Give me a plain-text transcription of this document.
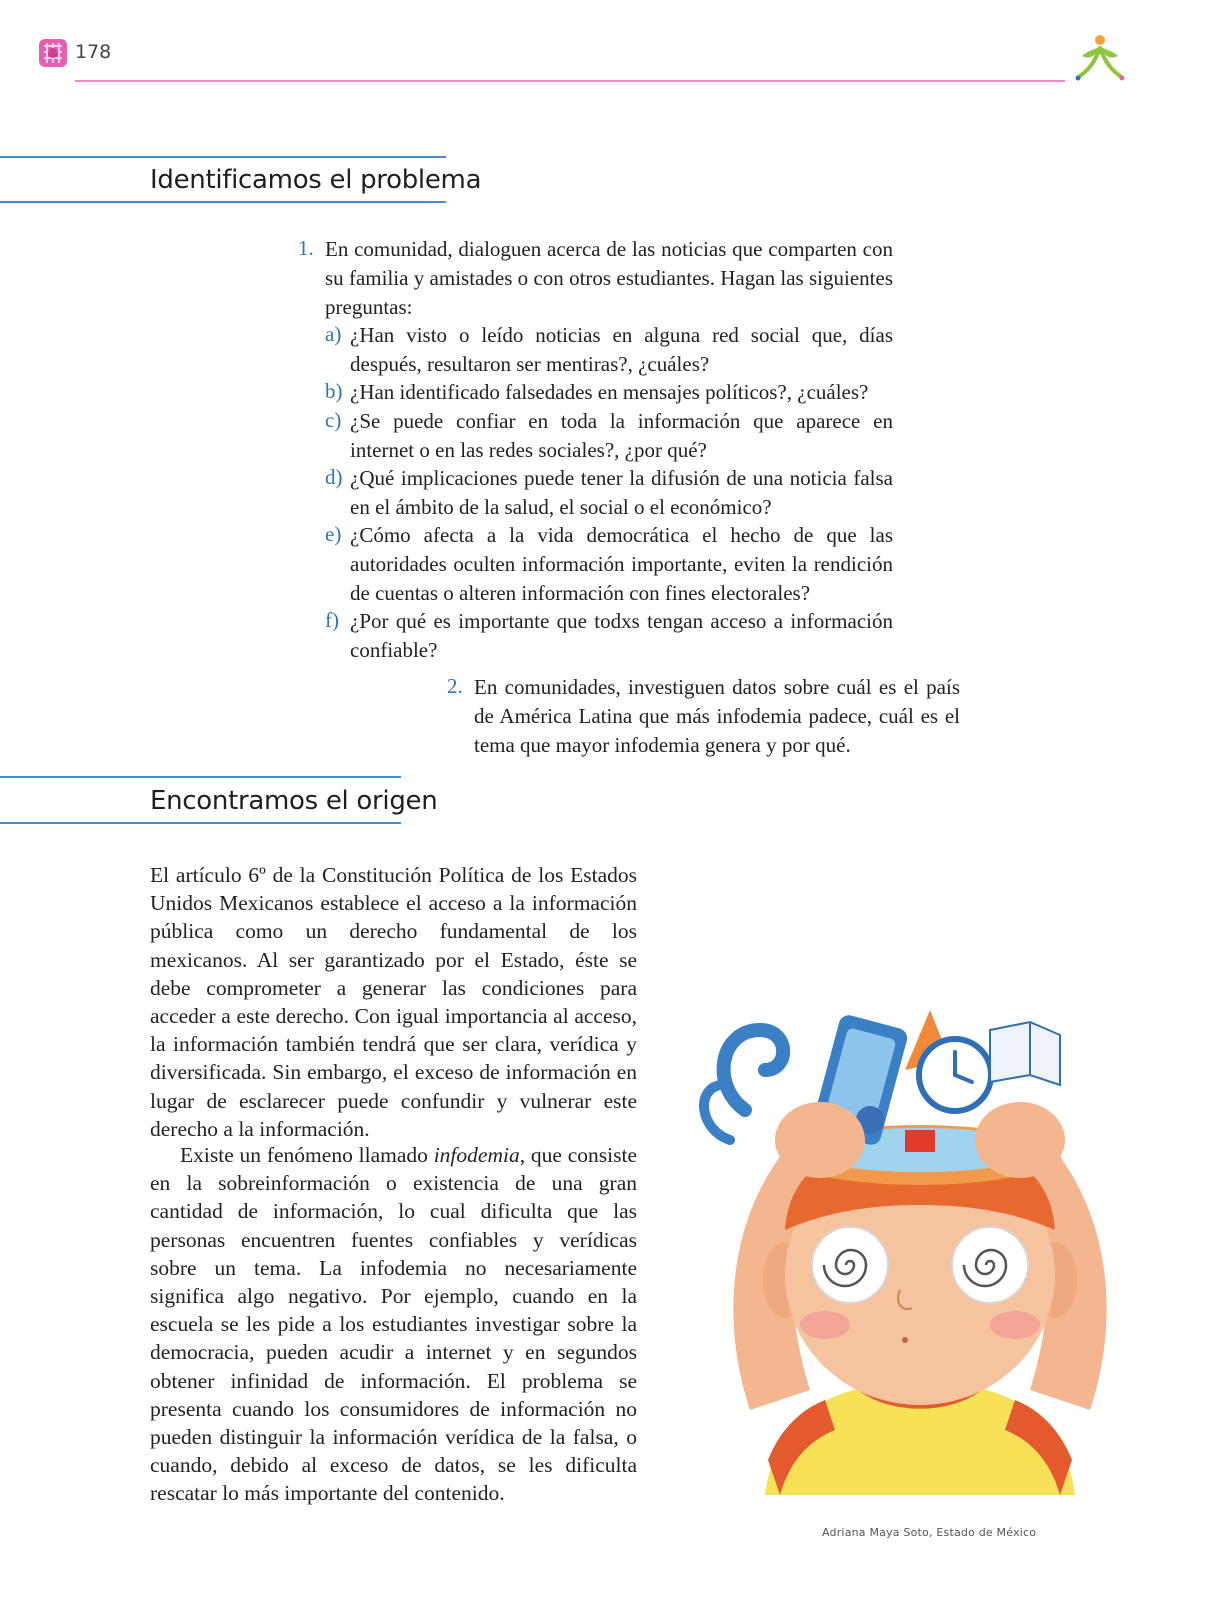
178
Identificamos el problema
1. En comunidad, dialoguen acerca de las noticias que comparten con su familia y amistades o con otros estudiantes. Hagan las siguientes preguntas:
a) ¿Han visto o leído noticias en alguna red social que, días después, resultaron ser mentiras?, ¿cuáles?
b) ¿Han identificado falsedades en mensajes políticos?, ¿cuáles?
c) ¿Se puede confiar en toda la información que aparece en internet o en las redes sociales?, ¿por qué?
d) ¿Qué implicaciones puede tener la difusión de una noticia falsa en el ámbito de la salud, el social o el económico?
e) ¿Cómo afecta a la vida democrática el hecho de que las autoridades oculten información importante, eviten la rendición de cuentas o alteren información con fines electorales?
f) ¿Por qué es importante que todxs tengan acceso a información confiable?
2. En comunidades, investiguen datos sobre cuál es el país de América Latina que más infodemia padece, cuál es el tema que mayor infodemia genera y por qué.
Encontramos el origen
El artículo 6º de la Constitución Política de los Estados Unidos Mexicanos establece el acceso a la información pública como un derecho fundamental de los mexicanos. Al ser garantizado por el Estado, éste se debe comprometer a generar las condiciones para acceder a este derecho. Con igual importancia al acceso, la información también tendrá que ser clara, verídica y diversificada. Sin embargo, el exceso de información en lugar de esclarecer puede confundir y vulnerar este derecho a la información.
Existe un fenómeno llamado infodemia, que consiste en la sobreinformación o existencia de una gran cantidad de información, lo cual dificulta que las personas encuentren fuentes confiables y verídicas sobre un tema. La infodemia no necesariamente significa algo negativo. Por ejemplo, cuando en la escuela se les pide a los estudiantes investigar sobre la democracia, pueden acudir a internet y en segundos obtener infinidad de información. El problema se presenta cuando los consumidores de información no pueden distinguir la información verídica de la falsa, o cuando, debido al exceso de datos, se les dificulta rescatar lo más importante del contenido.
Adriana Maya Soto, Estado de México
